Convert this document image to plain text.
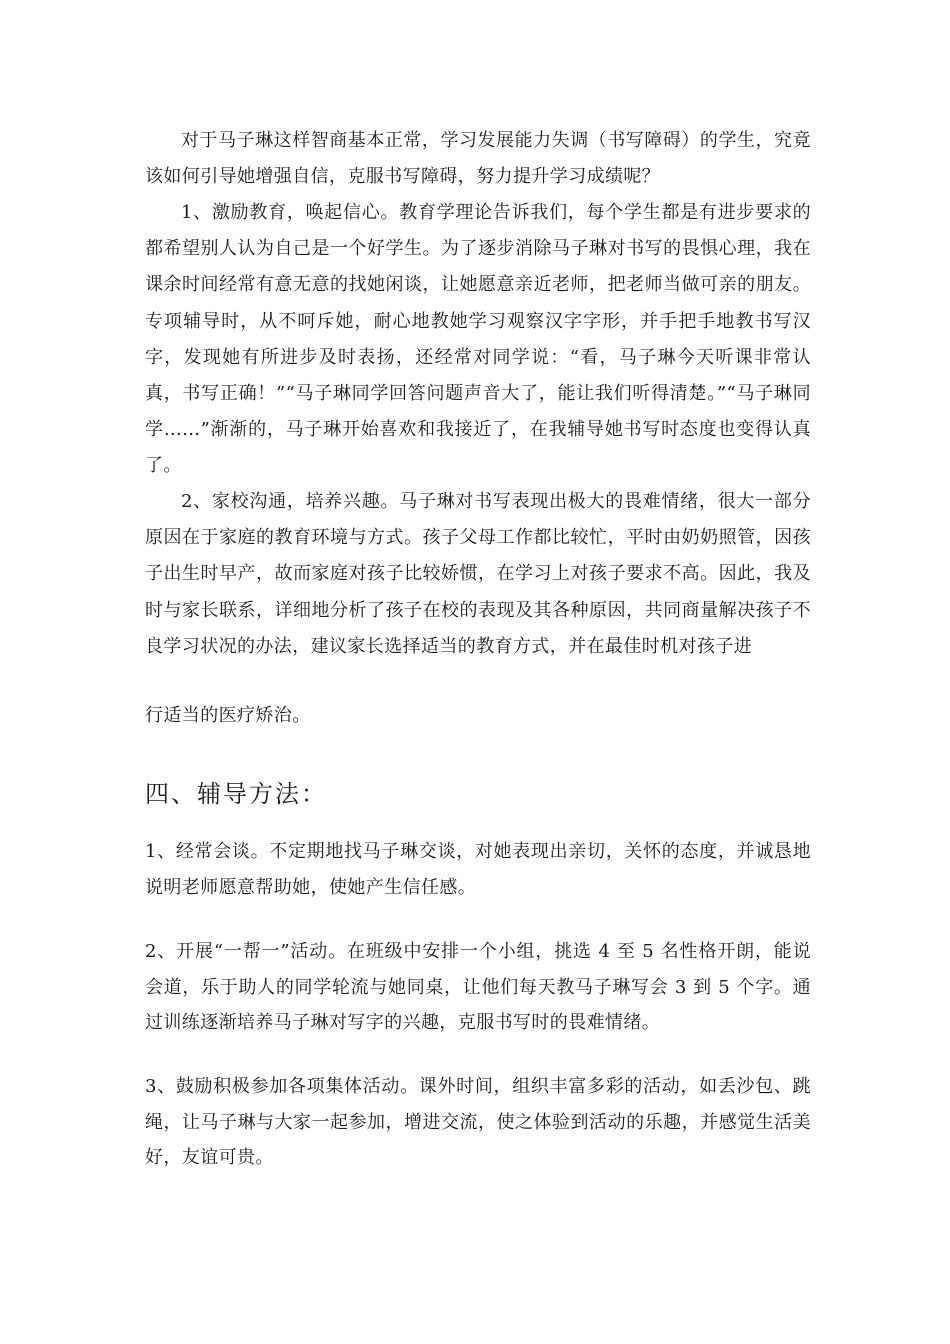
对于马子琳这样智商基本正常，学习发展能力失调（书写障碍）的学生，究竟该如何引导她增强自信，克服书写障碍，努力提升学习成绩呢？

1、激励教育，唤起信心。教育学理论告诉我们，每个学生都是有进步要求的都希望别人认为自己是一个好学生。为了逐步消除马子琳对书写的畏惧心理，我在课余时间经常有意无意的找她闲谈，让她愿意亲近老师，把老师当做可亲的朋友。专项辅导时，从不呵斥她，耐心地教她学习观察汉字字形，并手把手地教书写汉字，发现她有所进步及时表扬，还经常对同学说：“看，马子琳今天听课非常认真，书写正确！”“马子琳同学回答问题声音大了，能让我们听得清楚。”“马子琳同学……”渐渐的，马子琳开始喜欢和我接近了，在我辅导她书写时态度也变得认真了。

2、家校沟通，培养兴趣。马子琳对书写表现出极大的畏难情绪，很大一部分原因在于家庭的教育环境与方式。孩子父母工作都比较忙，平时由奶奶照管，因孩子出生时早产，故而家庭对孩子比较娇惯，在学习上对孩子要求不高。因此，我及时与家长联系，详细地分析了孩子在校的表现及其各种原因，共同商量解决孩子不良学习状况的办法，建议家长选择适当的教育方式，并在最佳时机对孩子进

行适当的医疗矫治。

四、辅导方法：

1、经常会谈。不定期地找马子琳交谈，对她表现出亲切，关怀的态度，并诚恳地说明老师愿意帮助她，使她产生信任感。

2、开展“一帮一”活动。在班级中安排一个小组，挑选 4 至 5 名性格开朗，能说会道，乐于助人的同学轮流与她同桌，让他们每天教马子琳写会 3 到 5 个字。通过训练逐渐培养马子琳对写字的兴趣，克服书写时的畏难情绪。

3、鼓励积极参加各项集体活动。课外时间，组织丰富多彩的活动，如丢沙包、跳绳，让马子琳与大家一起参加，增进交流，使之体验到活动的乐趣，并感觉生活美好，友谊可贵。
